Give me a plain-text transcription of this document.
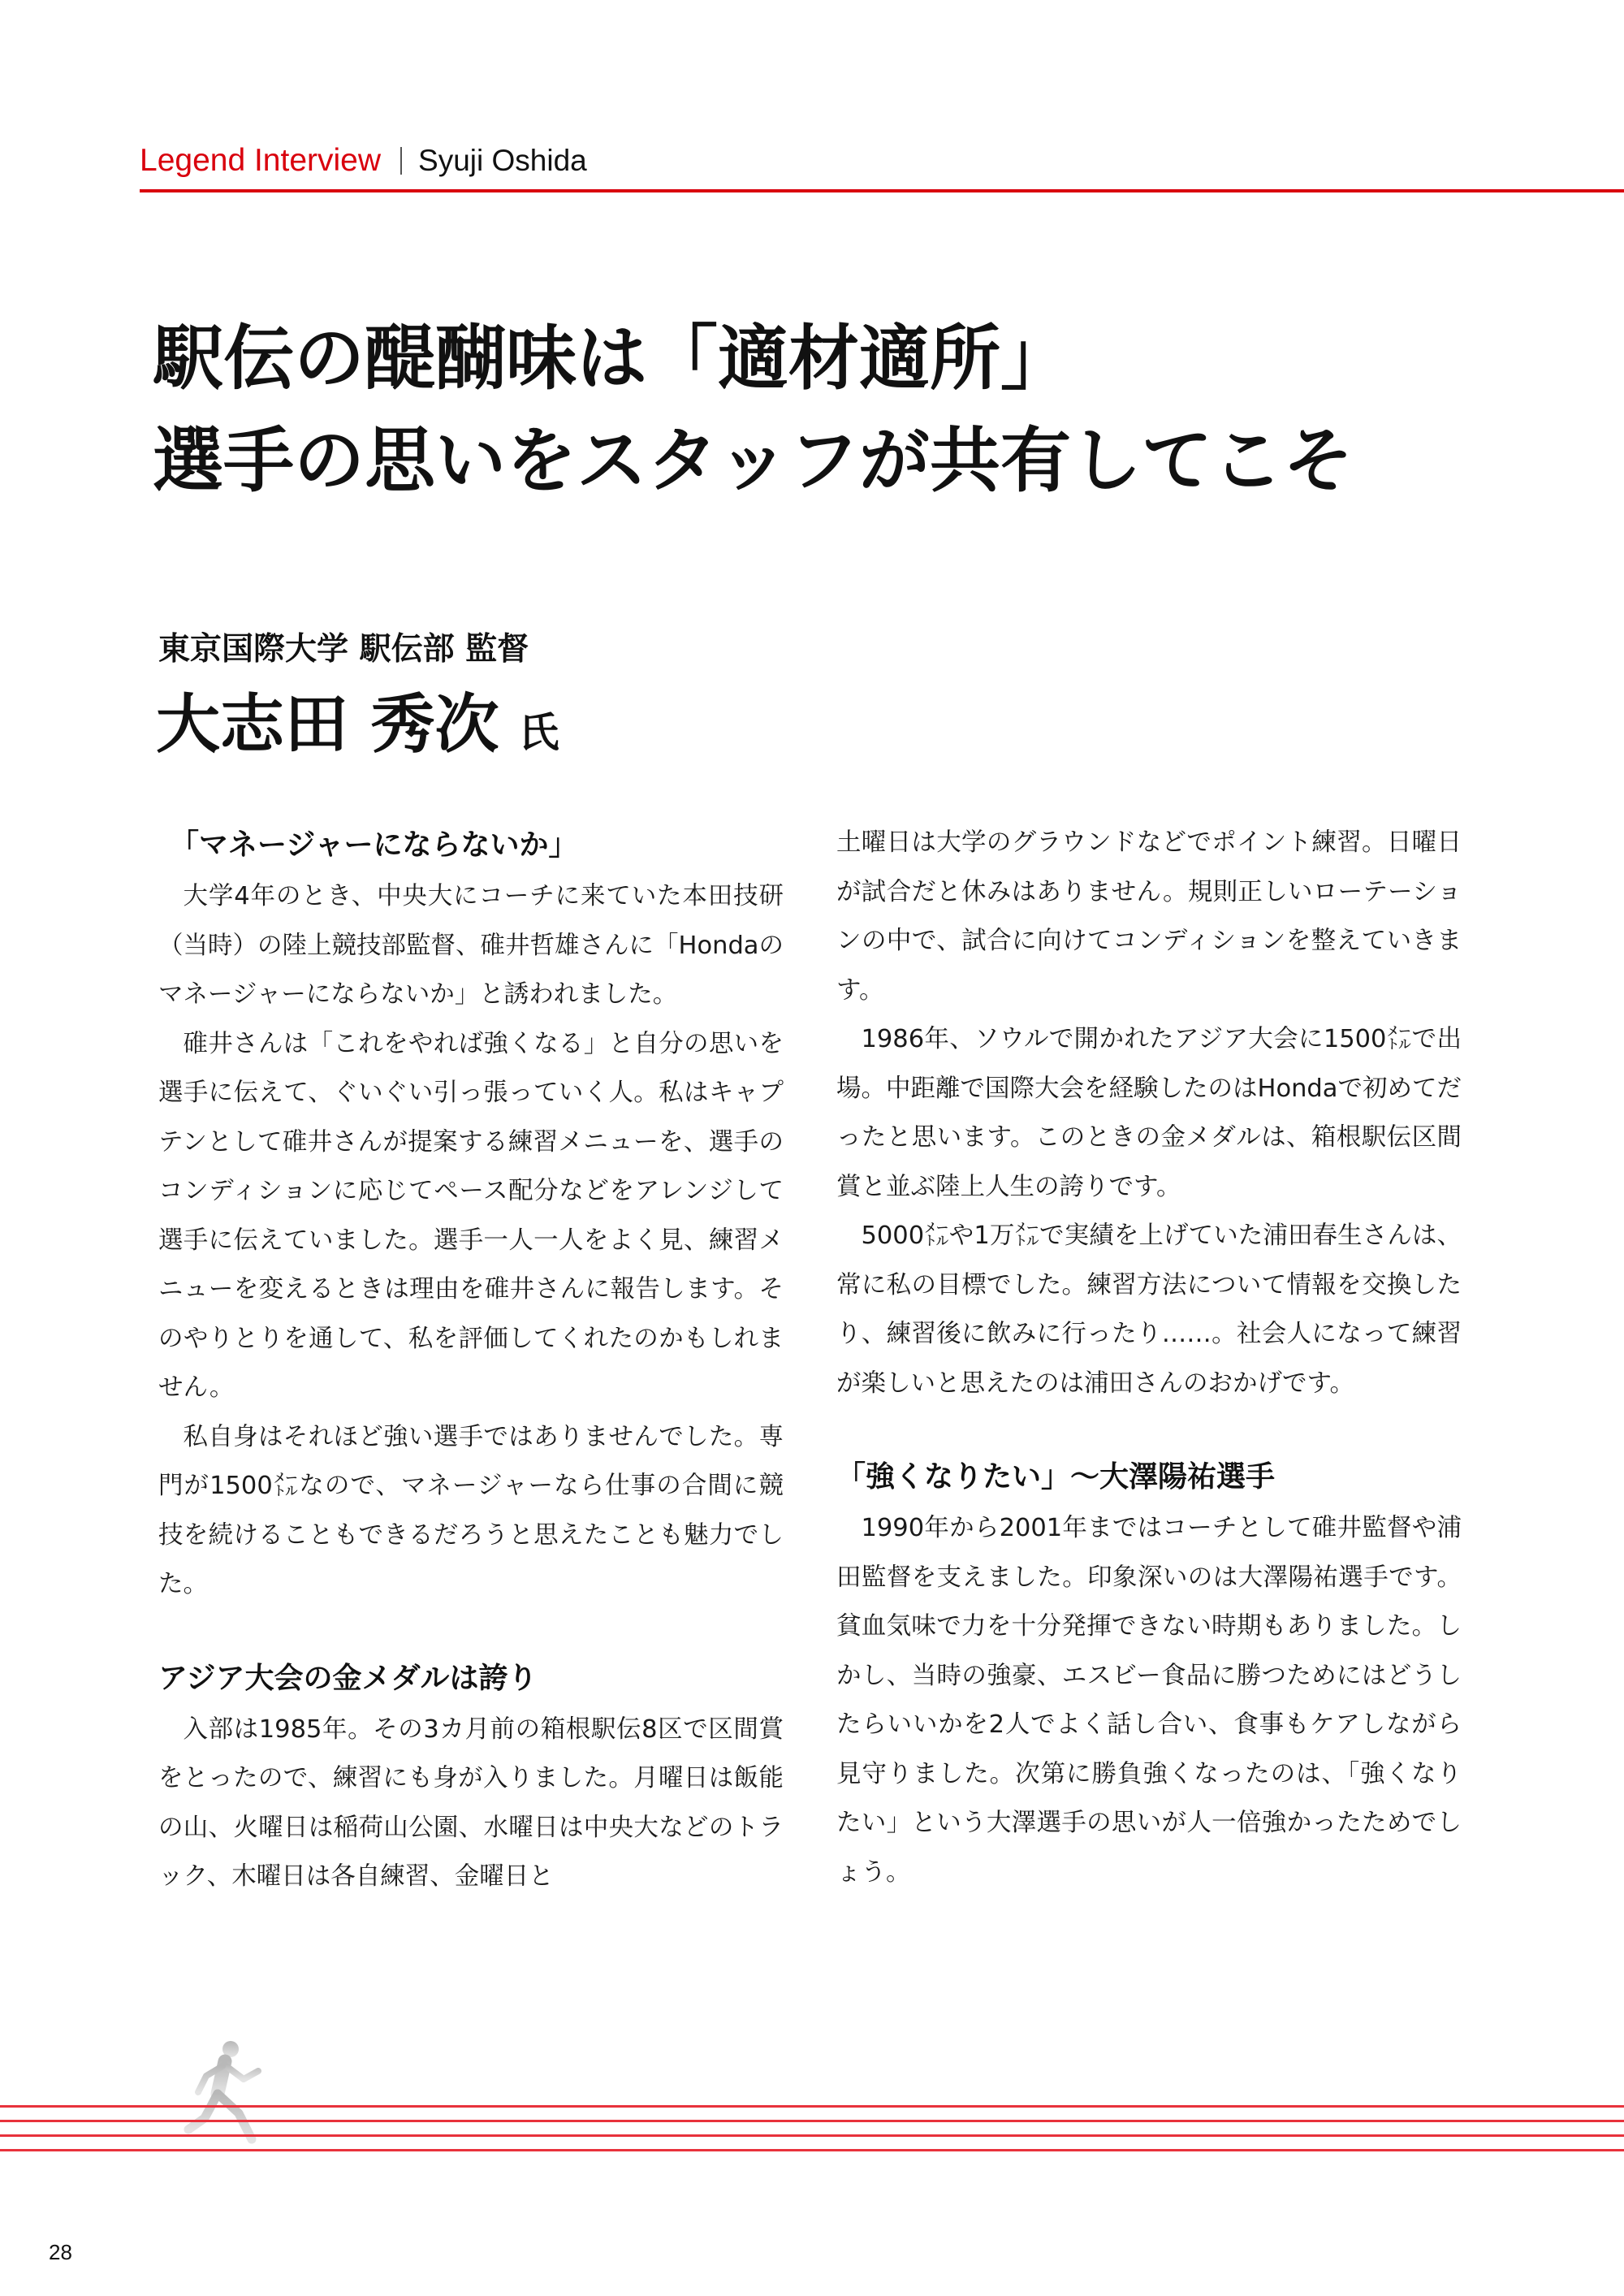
Legend Interview Syuji Oshida
駅伝の醍醐味は「適材適所」
選手の思いをスタッフが共有してこそ

東京国際大学 駅伝部 監督

大志田 秀次 氏

「マネージャーにならないか」

大学4年のとき、中央大にコーチに来ていた本田技研（当時）の陸上競技部監督、碓井哲雄さんに「Hondaのマネージャーにならないか」と誘われました。

碓井さんは「これをやれば強くなる」と自分の思いを選手に伝えて、ぐいぐい引っ張っていく人。私はキャプテンとして碓井さんが提案する練習メニューを、選手のコンディションに応じてペース配分などをアレンジして選手に伝えていました。選手一人一人をよく見、練習メニューを変えるときは理由を碓井さんに報告します。そのやりとりを通して、私を評価してくれたのかもしれません。

私自身はそれほど強い選手ではありませんでした。専門が1500㍍なので、マネージャーなら仕事の合間に競技を続けることもできるだろうと思えたことも魅力でした。

アジア大会の金メダルは誇り

入部は1985年。その3カ月前の箱根駅伝8区で区間賞をとったので、練習にも身が入りました。月曜日は飯能の山、火曜日は稲荷山公園、水曜日は中央大などのトラック、木曜日は各自練習、金曜日と

土曜日は大学のグラウンドなどでポイント練習。日曜日が試合だと休みはありません。規則正しいローテーションの中で、試合に向けてコンディションを整えていきます。

1986年、ソウルで開かれたアジア大会に1500㍍で出場。中距離で国際大会を経験したのはHondaで初めてだったと思います。このときの金メダルは、箱根駅伝区間賞と並ぶ陸上人生の誇りです。

5000㍍や1万㍍で実績を上げていた浦田春生さんは、常に私の目標でした。練習方法について情報を交換したり、練習後に飲みに行ったり……。社会人になって練習が楽しいと思えたのは浦田さんのおかげです。

「強くなりたい」〜大澤陽祐選手

1990年から2001年まではコーチとして碓井監督や浦田監督を支えました。印象深いのは大澤陽祐選手です。貧血気味で力を十分発揮できない時期もありました。しかし、当時の強豪、エスビー食品に勝つためにはどうしたらいいかを2人でよく話し合い、食事もケアしながら見守りました。次第に勝負強くなったのは、「強くなりたい」という大澤選手の思いが人一倍強かったためでしょう。

28
